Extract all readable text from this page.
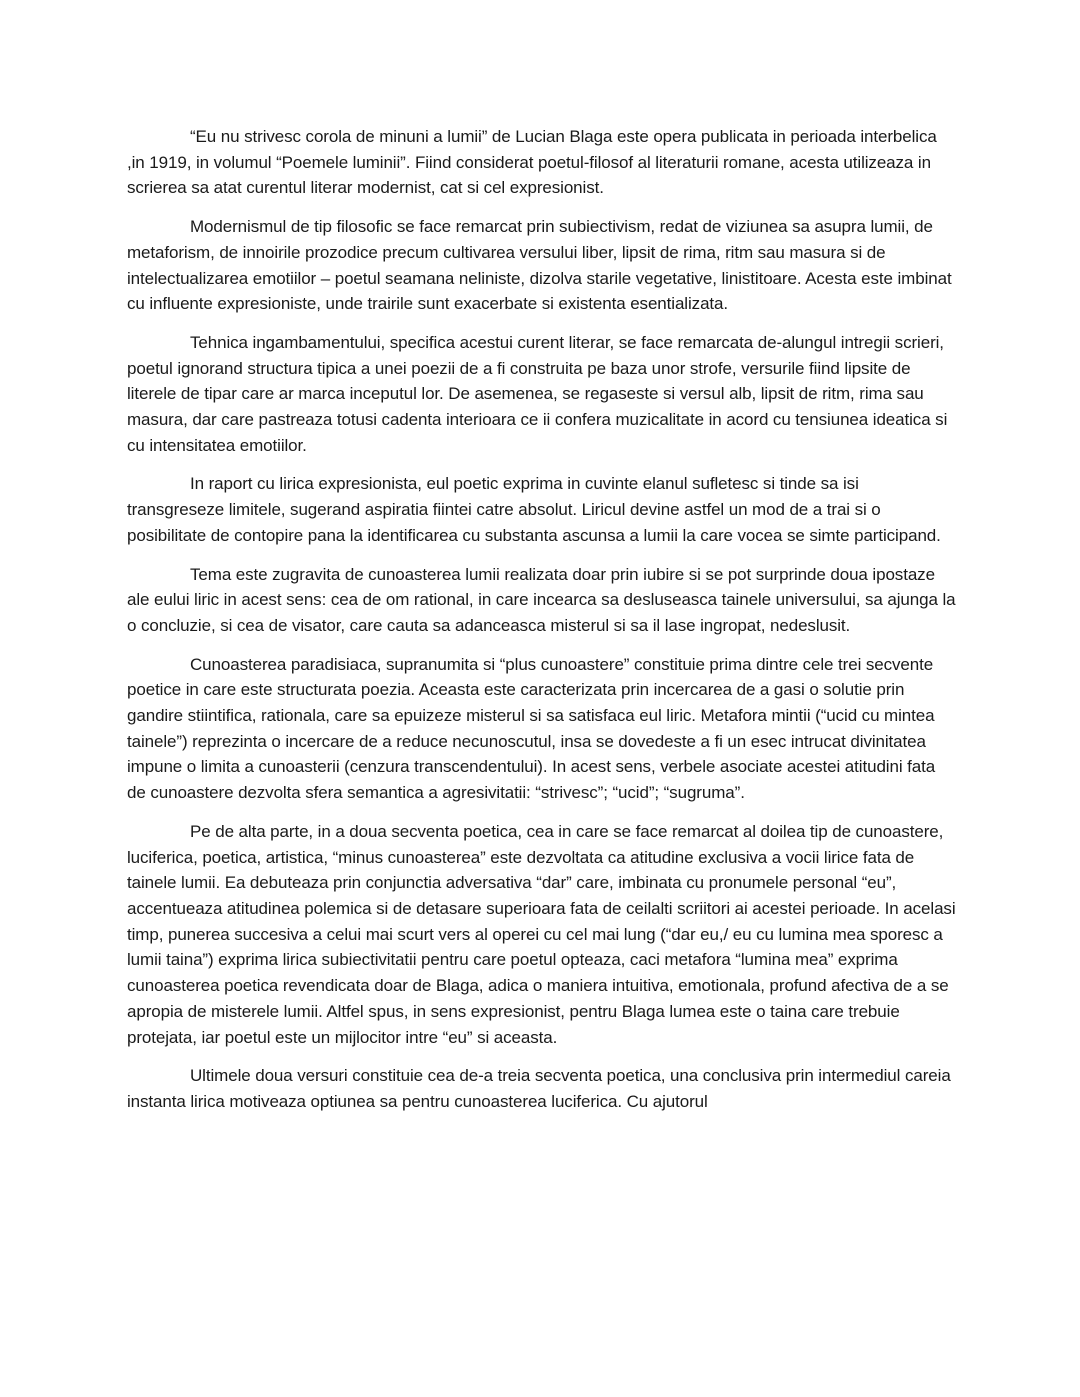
“Eu nu strivesc corola de minuni a lumii” de Lucian Blaga este opera publicata in perioada interbelica ,in 1919, in volumul “Poemele luminii”. Fiind considerat poetul-filosof al literaturii romane, acesta utilizeaza in scrierea sa atat curentul literar modernist, cat si cel expresionist.

Modernismul de tip filosofic se face remarcat prin subiectivism, redat de viziunea sa asupra lumii, de metaforism, de innoirile prozodice precum cultivarea versului liber, lipsit de rima, ritm sau masura si de intelectualizarea emotiilor – poetul seamana neliniste, dizolva starile vegetative, linistitoare. Acesta este imbinat cu influente expresioniste, unde trairile sunt exacerbate si existenta esentializata.

Tehnica ingambamentului, specifica acestui curent literar, se face remarcata de-alungul intregii scrieri, poetul ignorand structura tipica a unei poezii de a fi construita pe baza unor strofe, versurile fiind lipsite de literele de tipar care ar marca inceputul lor. De asemenea, se regaseste si versul alb, lipsit de ritm, rima sau masura, dar care pastreaza totusi cadenta interioara ce ii confera muzicalitate in acord cu tensiunea ideatica si cu intensitatea emotiilor.

In raport cu lirica expresionista, eul poetic exprima in cuvinte elanul sufletesc si tinde sa isi transgreseze limitele, sugerand aspiratia fiintei catre absolut. Liricul devine astfel un mod de a trai si o posibilitate de contopire pana la identificarea cu substanta ascunsa a lumii la care vocea se simte participand.

Tema este zugravita de cunoasterea lumii realizata doar prin iubire si se pot surprinde doua ipostaze ale eului liric in acest sens: cea de om rational, in care incearca sa desluseasca tainele universului, sa ajunga la o concluzie, si cea de visator, care cauta sa adanceasca misterul si sa il lase ingropat, nedeslusit.

Cunoasterea paradisiaca, supranumita si “plus cunoastere” constituie prima dintre cele trei secvente poetice in care este structurata poezia. Aceasta este caracterizata prin incercarea de a gasi o solutie prin gandire stiintifica, rationala, care sa epuizeze misterul si sa satisfaca eul liric. Metafora mintii (“ucid cu mintea tainele”) reprezinta o incercare de a reduce necunoscutul, insa se dovedeste a fi un esec intrucat divinitatea impune o limita a cunoasterii (cenzura transcendentului). In acest sens, verbele asociate acestei atitudini fata de cunoastere dezvolta sfera semantica a agresivitatii: “strivesc”; “ucid”; “sugruma”.

Pe de alta parte, in a doua secventa poetica, cea in care se face remarcat al doilea tip de cunoastere, luciferica, poetica, artistica, “minus cunoasterea” este dezvoltata ca atitudine exclusiva a vocii lirice fata de tainele lumii. Ea debuteaza prin conjunctia adversativa “dar” care, imbinata cu pronumele personal “eu”, accentueaza atitudinea polemica si de detasare superioara fata de ceilalti scriitori ai acestei perioade. In acelasi timp, punerea succesiva a celui mai scurt vers al operei cu cel mai lung (“dar eu,/ eu cu lumina mea sporesc a lumii taina”) exprima lirica subiectivitatii pentru care poetul opteaza, caci metafora “lumina mea” exprima cunoasterea poetica revendicata doar de Blaga, adica o maniera intuitiva, emotionala, profund afectiva de a se apropia de misterele lumii. Altfel spus, in sens expresionist, pentru Blaga lumea este o taina care trebuie protejata, iar poetul este un mijlocitor intre “eu” si aceasta.

Ultimele doua versuri constituie cea de-a treia secventa poetica, una conclusiva prin intermediul careia instanta lirica motiveaza optiunea sa pentru cunoasterea luciferica. Cu ajutorul
